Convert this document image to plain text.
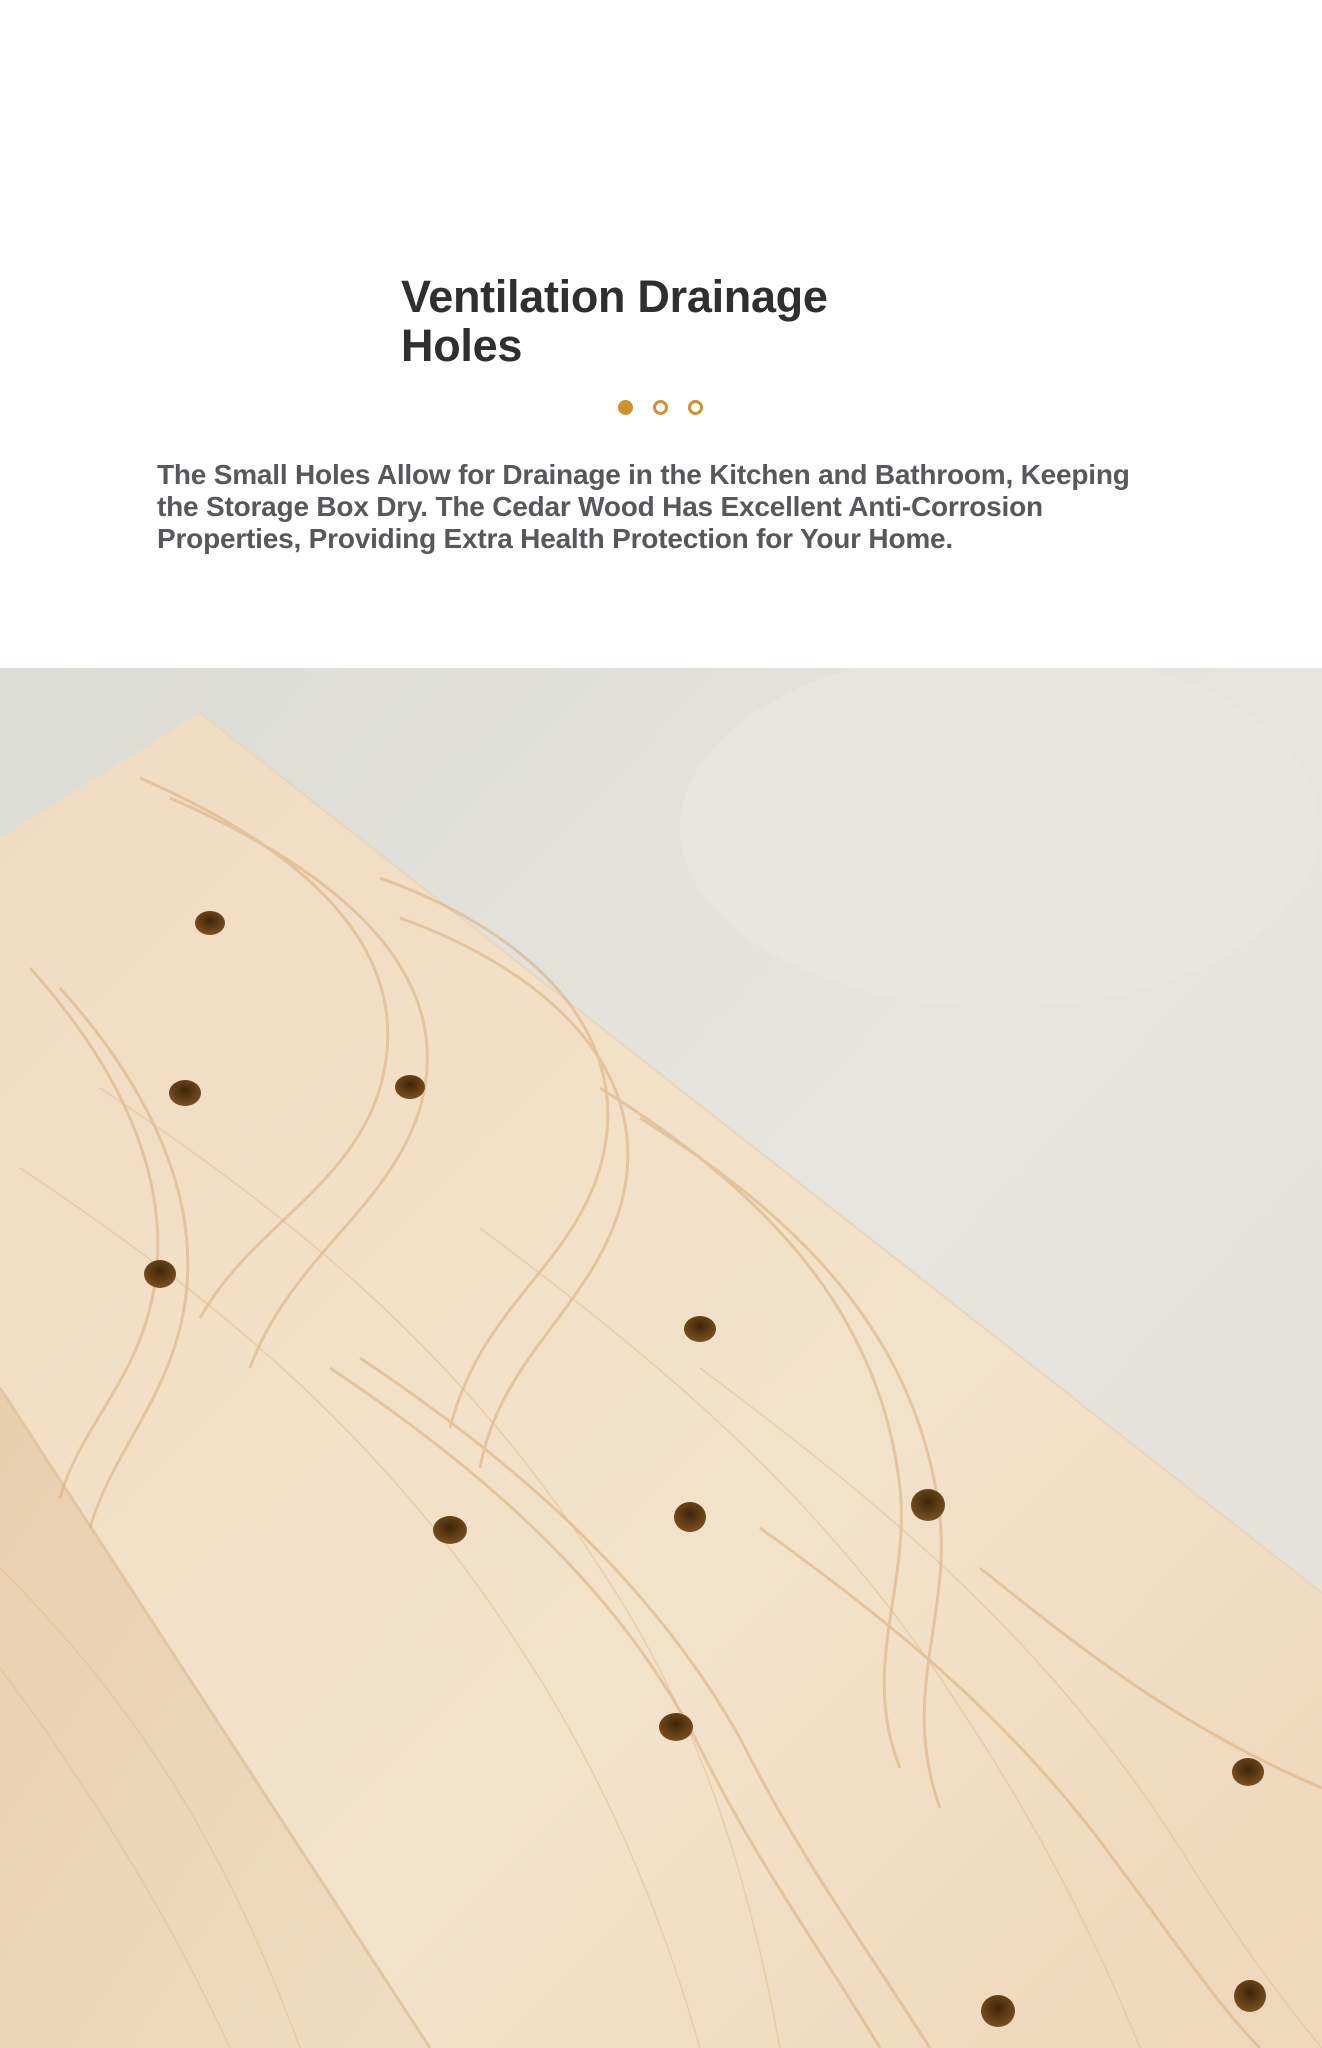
Ventilation Drainage Holes

The Small Holes Allow for Drainage in the Kitchen and Bathroom, Keeping the Storage Box Dry. The Cedar Wood Has Excellent Anti-Corrosion Properties, Providing Extra Health Protection for Your Home.
